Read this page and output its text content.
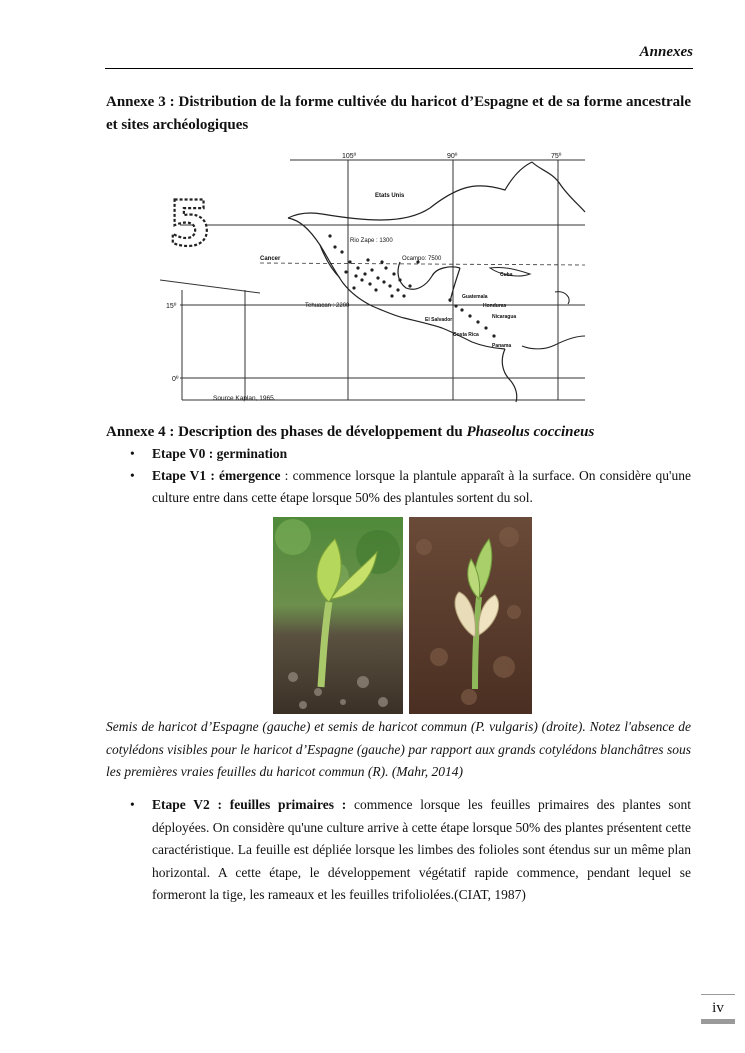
Annexes
Annexe 3 : Distribution de la forme cultivée du haricot d’Espagne et de sa forme ancestrale et sites archéologiques
5
105º	90º	75º
15º
0º
Etats Unis
Rio Zape : 1300
Ocampo: 7500
Cancer
Cuba
Guatemala
Honduras
El Salvador	Nicaragua
Tehuacan : 2200
Costa Rica
Panama
Source Kaplan, 1965.
Annexe 4 : Description des phases de développement du Phaseolus coccineus
• Etape V0 : germination
• Etape V1 : émergence : commence lorsque la plantule apparaît à la surface. On considère qu'une culture entre dans cette étape lorsque 50% des plantules sortent du sol.
Semis de haricot d’Espagne (gauche) et semis de haricot commun (P. vulgaris) (droite). Notez l'absence de cotylédons visibles pour le haricot d’Espagne (gauche) par rapport aux grands cotylédons blanchâtres sous les premières vraies feuilles du haricot commun (R). (Mahr, 2014)
• Etape V2 : feuilles primaires : commence lorsque les feuilles primaires des plantes sont déployées. On considère qu'une culture arrive à cette étape lorsque 50% des plantes présentent cette caractéristique. La feuille est dépliée lorsque les limbes des folioles sont étendus sur un même plan horizontal. A cette étape, le développement végétatif rapide commence, pendant lequel se formeront la tige, les rameaux et les feuilles trifoliolées.(CIAT, 1987)
iv
